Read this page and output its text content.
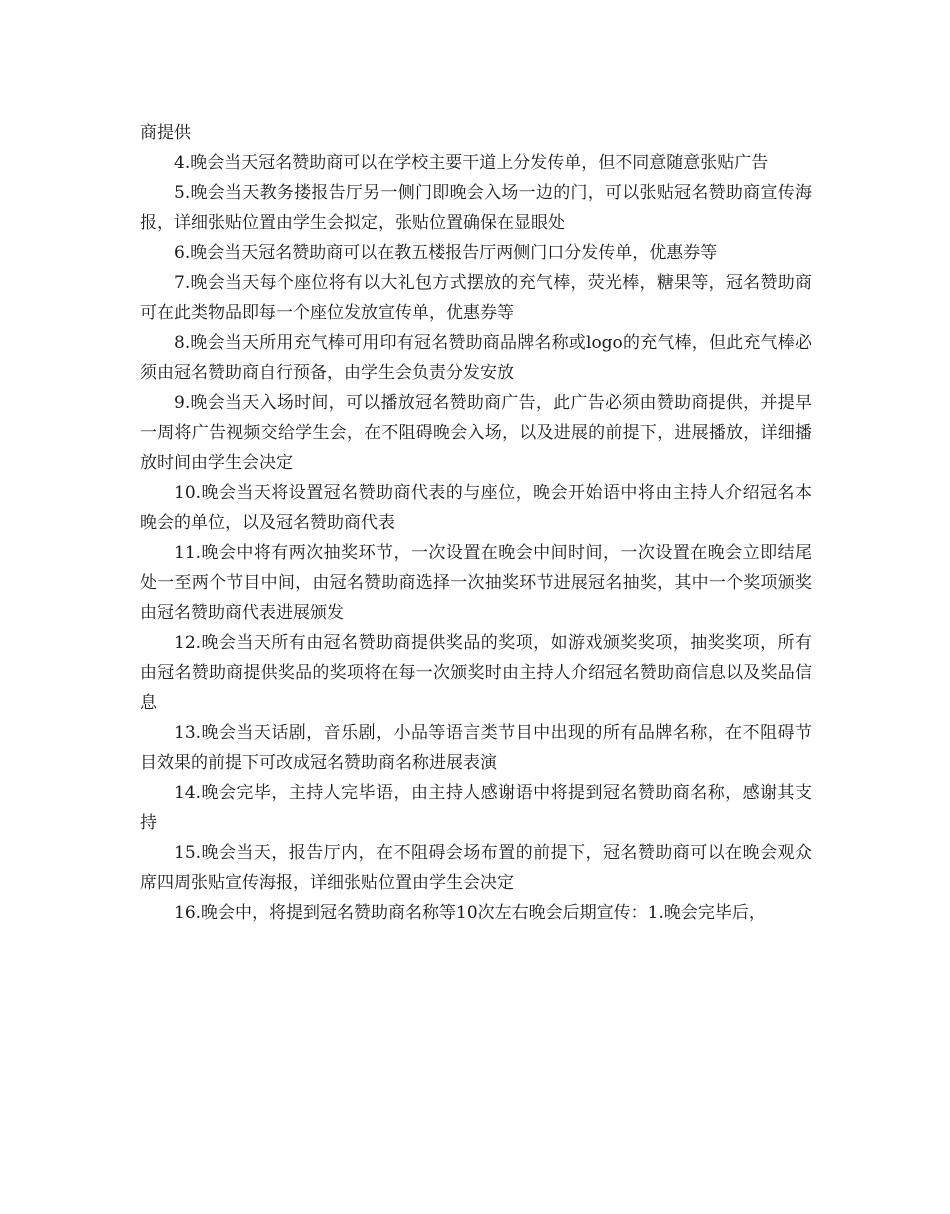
商提供

4.晚会当天冠名赞助商可以在学校主要干道上分发传单，但不同意随意张贴广告

5.晚会当天教务搂报告厅另一侧门即晚会入场一边的门，可以张贴冠名赞助商宣传海报，详细张贴位置由学生会拟定，张贴位置确保在显眼处

6.晚会当天冠名赞助商可以在教五楼报告厅两侧门口分发传单，优惠券等

7.晚会当天每个座位将有以大礼包方式摆放的充气棒，荧光棒，糖果等，冠名赞助商可在此类物品即每一个座位发放宣传单，优惠券等

8.晚会当天所用充气棒可用印有冠名赞助商品牌名称或logo的充气棒，但此充气棒必须由冠名赞助商自行预备，由学生会负责分发安放

9.晚会当天入场时间，可以播放冠名赞助商广告，此广告必须由赞助商提供，并提早一周将广告视频交给学生会，在不阻碍晚会入场，以及进展的前提下，进展播放，详细播放时间由学生会决定

10.晚会当天将设置冠名赞助商代表的与座位，晚会开始语中将由主持人介绍冠名本晚会的单位，以及冠名赞助商代表

11.晚会中将有两次抽奖环节，一次设置在晚会中间时间，一次设置在晚会立即结尾处一至两个节目中间，由冠名赞助商选择一次抽奖环节进展冠名抽奖，其中一个奖项颁奖由冠名赞助商代表进展颁发

12.晚会当天所有由冠名赞助商提供奖品的奖项，如游戏颁奖奖项，抽奖奖项，所有由冠名赞助商提供奖品的奖项将在每一次颁奖时由主持人介绍冠名赞助商信息以及奖品信息

13.晚会当天话剧，音乐剧，小品等语言类节目中出现的所有品牌名称，在不阻碍节目效果的前提下可改成冠名赞助商名称进展表演

14.晚会完毕，主持人完毕语，由主持人感谢语中将提到冠名赞助商名称，感谢其支持

15.晚会当天，报告厅内，在不阻碍会场布置的前提下，冠名赞助商可以在晚会观众席四周张贴宣传海报，详细张贴位置由学生会决定

16.晚会中，将提到冠名赞助商名称等10次左右晚会后期宣传：1.晚会完毕后，
